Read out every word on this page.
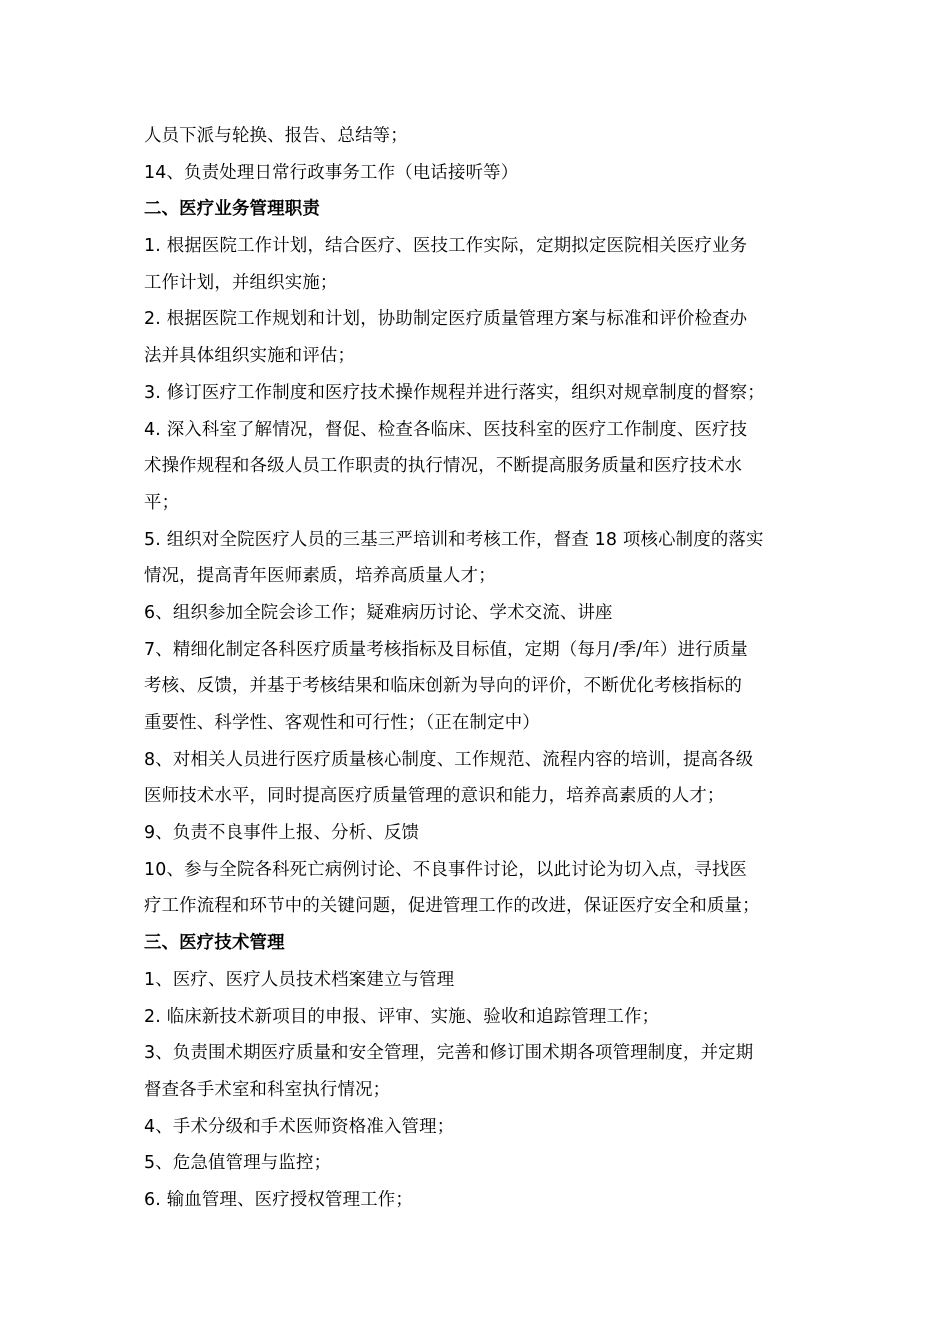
人员下派与轮换、报告、总结等；
14、负责处理日常行政事务工作（电话接听等）
二、医疗业务管理职责
1. 根据医院工作计划，结合医疗、医技工作实际，定期拟定医院相关医疗业务
工作计划，并组织实施；
2. 根据医院工作规划和计划，协助制定医疗质量管理方案与标准和评价检查办
法并具体组织实施和评估；
3. 修订医疗工作制度和医疗技术操作规程并进行落实，组织对规章制度的督察；
4. 深入科室了解情况，督促、检查各临床、医技科室的医疗工作制度、医疗技
术操作规程和各级人员工作职责的执行情况，不断提高服务质量和医疗技术水
平；
5. 组织对全院医疗人员的三基三严培训和考核工作，督查 18 项核心制度的落实
情况，提高青年医师素质，培养高质量人才；
6、组织参加全院会诊工作；疑难病历讨论、学术交流、讲座
7、精细化制定各科医疗质量考核指标及目标值，定期（每月/季/年）进行质量
考核、反馈，并基于考核结果和临床创新为导向的评价，不断优化考核指标的
重要性、科学性、客观性和可行性；（正在制定中）
8、对相关人员进行医疗质量核心制度、工作规范、流程内容的培训，提高各级
医师技术水平，同时提高医疗质量管理的意识和能力，培养高素质的人才；
9、负责不良事件上报、分析、反馈
10、参与全院各科死亡病例讨论、不良事件讨论，以此讨论为切入点，寻找医
疗工作流程和环节中的关键问题，促进管理工作的改进，保证医疗安全和质量；
三、医疗技术管理
1、医疗、医疗人员技术档案建立与管理
2. 临床新技术新项目的申报、评审、实施、验收和追踪管理工作；
3、负责围术期医疗质量和安全管理，完善和修订围术期各项管理制度，并定期
督查各手术室和科室执行情况；
4、手术分级和手术医师资格准入管理；
5、危急值管理与监控；
6. 输血管理、医疗授权管理工作；
